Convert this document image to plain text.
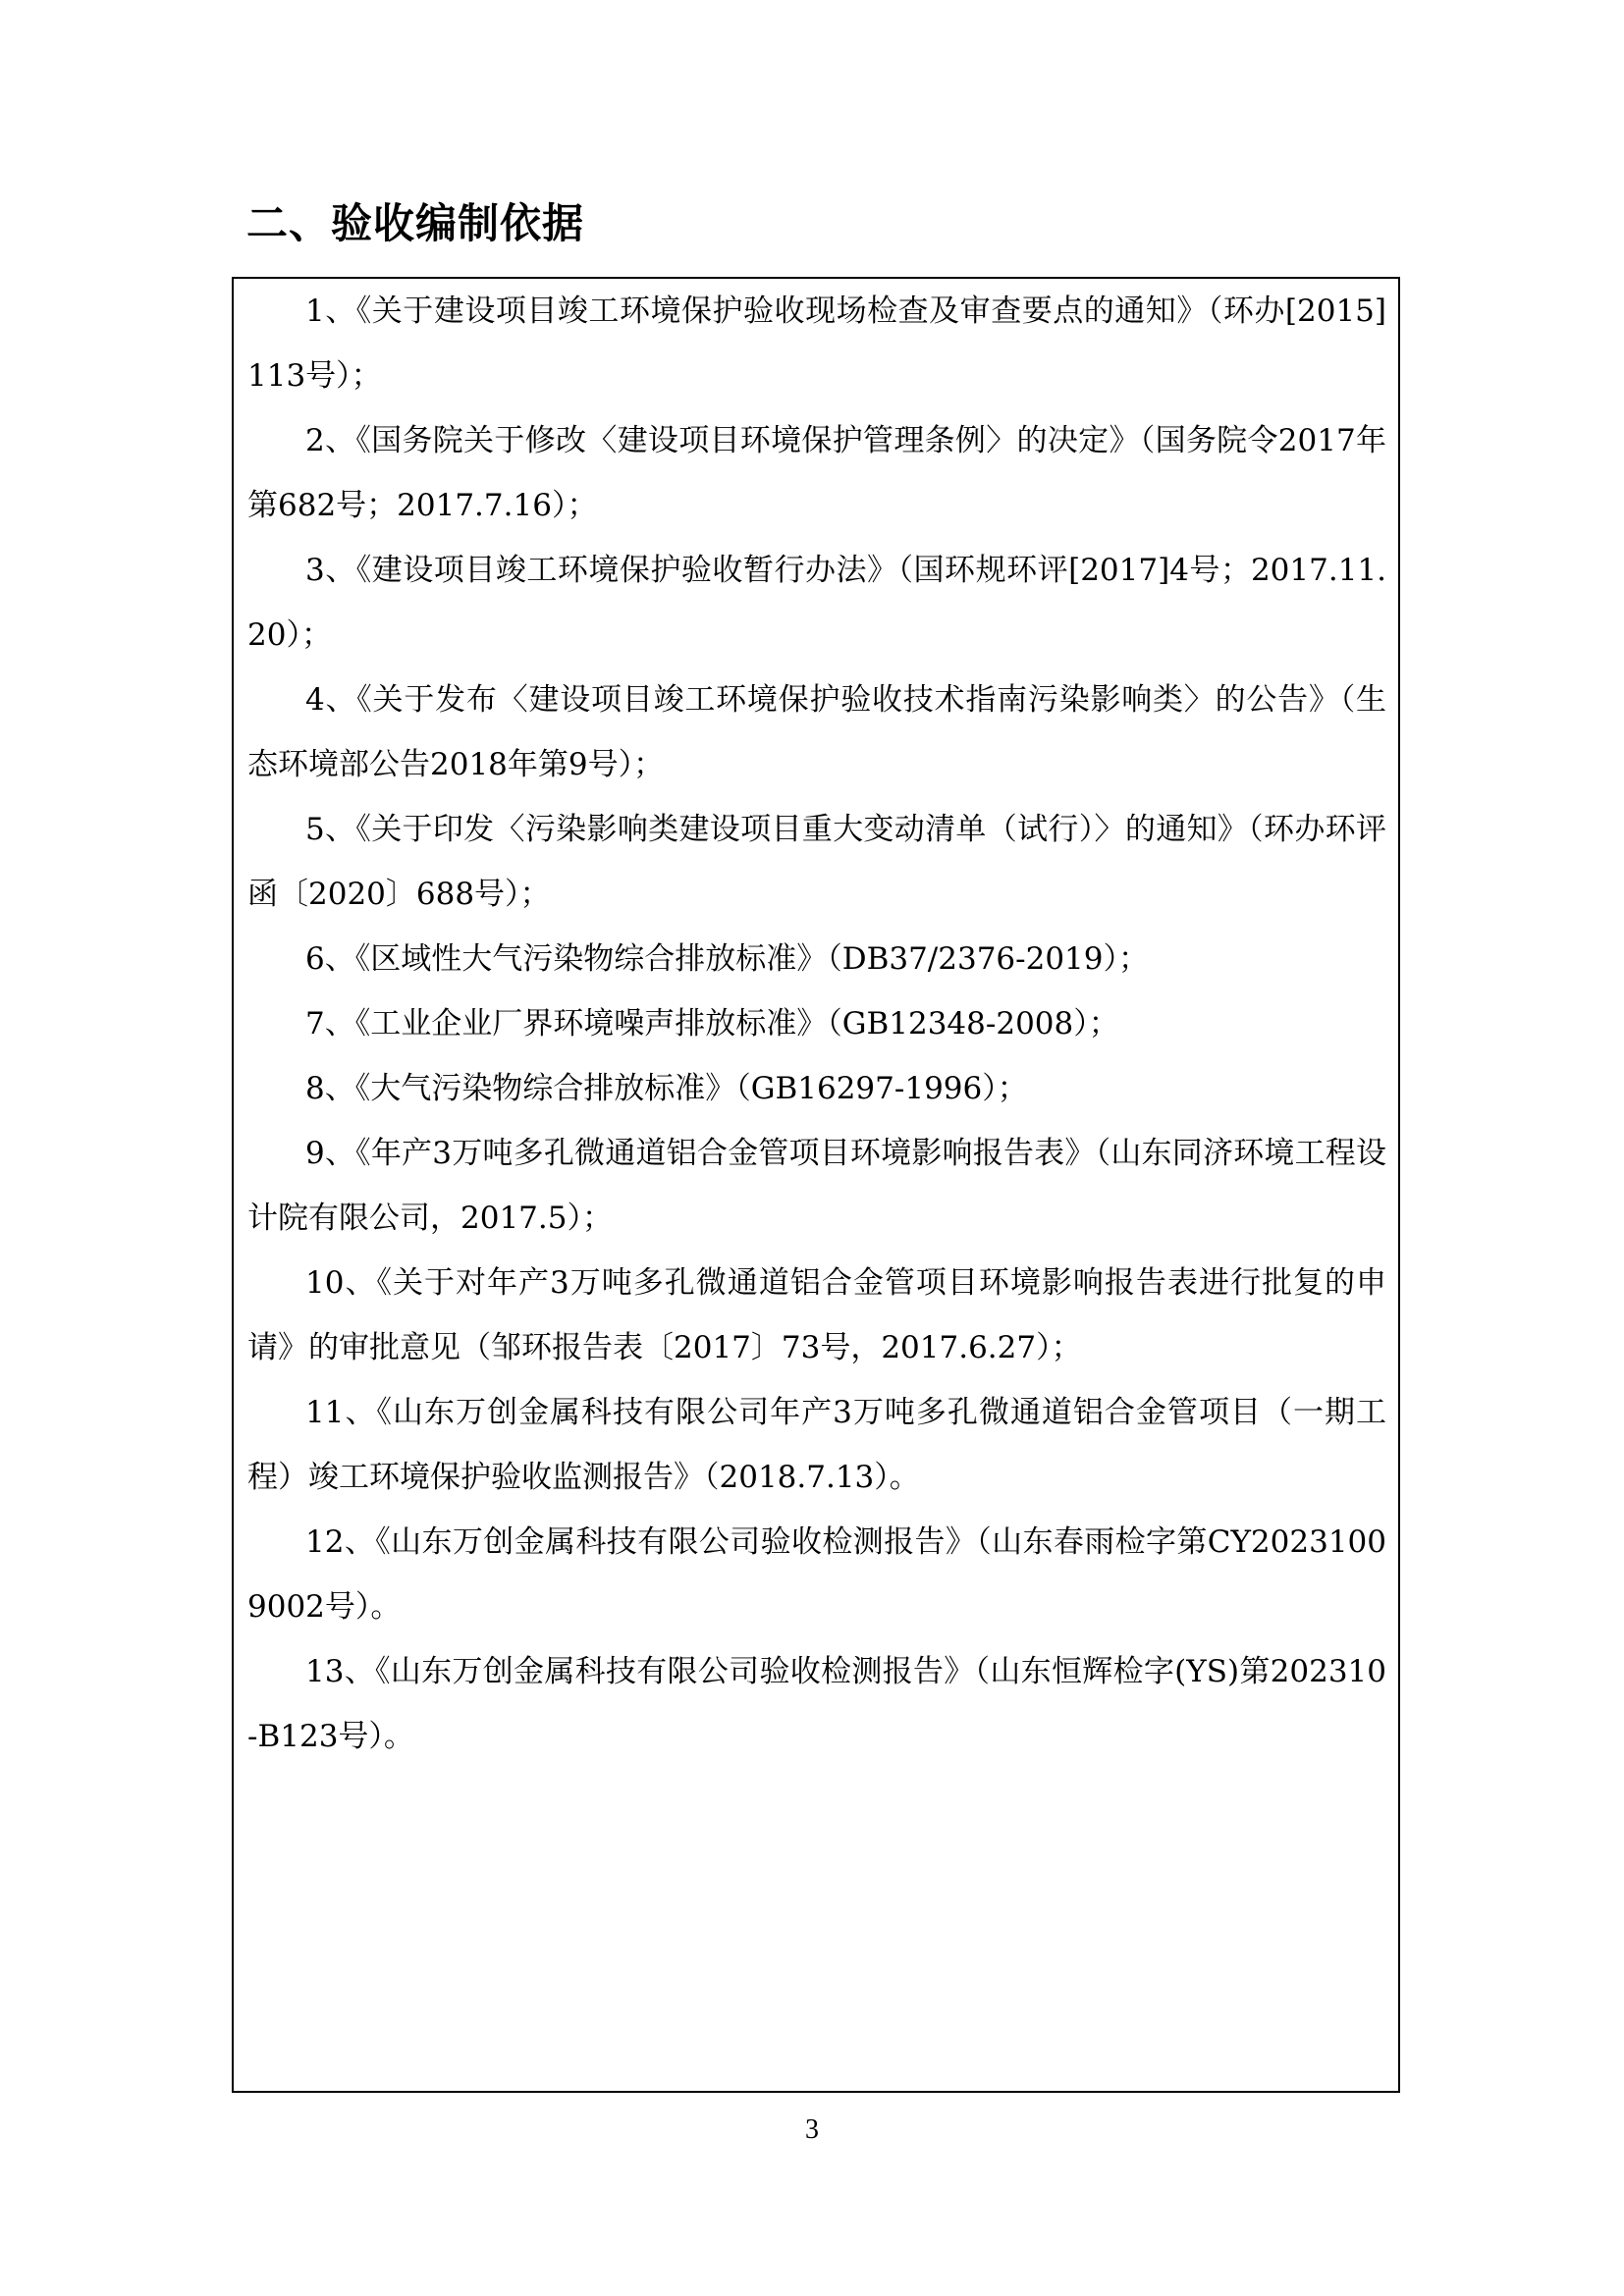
二、验收编制依据
1、《关于建设项目竣工环境保护验收现场检查及审查要点的通知》（环办[2015]113号）；
2、《国务院关于修改〈建设项目环境保护管理条例〉的决定》（国务院令2017年第682号；2017.7.16）；
3、《建设项目竣工环境保护验收暂行办法》（国环规环评[2017]4号；2017.11.20）；
4、《关于发布〈建设项目竣工环境保护验收技术指南污染影响类〉的公告》（生态环境部公告2018年第9号）；
5、《关于印发〈污染影响类建设项目重大变动清单（试行）〉的通知》（环办环评函〔2020〕688号）；
6、《区域性大气污染物综合排放标准》（DB37/2376-2019）；
7、《工业企业厂界环境噪声排放标准》（GB12348-2008）；
8、《大气污染物综合排放标准》（GB16297-1996）；
9、《年产3万吨多孔微通道铝合金管项目环境影响报告表》（山东同济环境工程设计院有限公司，2017.5）；
10、《关于对年产3万吨多孔微通道铝合金管项目环境影响报告表进行批复的申请》的审批意见（邹环报告表〔2017〕73号，2017.6.27）；
11、《山东万创金属科技有限公司年产3万吨多孔微通道铝合金管项目（一期工程）竣工环境保护验收监测报告》（2018.7.13）。
12、《山东万创金属科技有限公司验收检测报告》（山东春雨检字第CY20231009002号）。
13、《山东万创金属科技有限公司验收检测报告》（山东恒辉检字(YS)第202310-B123号）。
3
